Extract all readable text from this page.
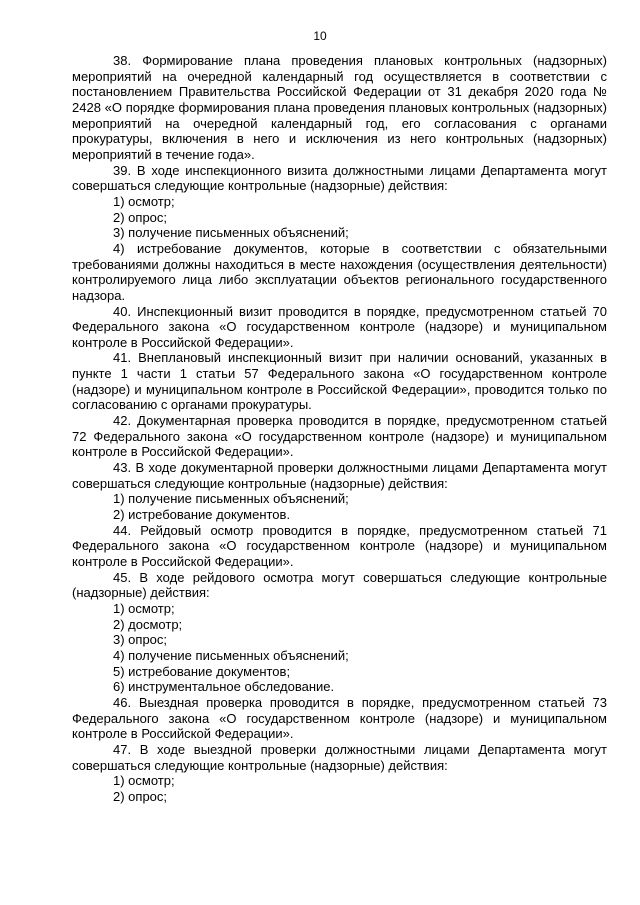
10

38. Формирование плана проведения плановых контрольных (надзорных) мероприятий на очередной календарный год осуществляется в соответствии с постановлением Правительства Российской Федерации от 31 декабря 2020 года № 2428 «О порядке формирования плана проведения плановых контрольных (надзорных) мероприятий на очередной календарный год, его согласования с органами прокуратуры, включения в него и исключения из него контрольных (надзорных) мероприятий в течение года».

39. В ходе инспекционного визита должностными лицами Департамента могут совершаться следующие контрольные (надзорные) действия:

1) осмотр;

2) опрос;

3) получение письменных объяснений;

4) истребование документов, которые в соответствии с обязательными требованиями должны находиться в месте нахождения (осуществления деятельности) контролируемого лица либо эксплуатации объектов регионального государственного надзора.

40. Инспекционный визит проводится в порядке, предусмотренном статьей 70 Федерального закона «О государственном контроле (надзоре) и муниципальном контроле в Российской Федерации».

41. Внеплановый инспекционный визит при наличии оснований, указанных в пункте 1 части 1 статьи 57 Федерального закона «О государственном контроле (надзоре) и муниципальном контроле в Российской Федерации», проводится только по согласованию с органами прокуратуры.

42. Документарная проверка проводится в порядке, предусмотренном статьей 72 Федерального закона «О государственном контроле (надзоре) и муниципальном контроле в Российской Федерации».

43. В ходе документарной проверки должностными лицами Департамента могут совершаться следующие контрольные (надзорные) действия:

1) получение письменных объяснений;

2) истребование документов.

44. Рейдовый осмотр проводится в порядке, предусмотренном статьей 71 Федерального закона «О государственном контроле (надзоре) и муниципальном контроле в Российской Федерации».

45. В ходе рейдового осмотра могут совершаться следующие контрольные (надзорные) действия:

1) осмотр;

2) досмотр;

3) опрос;

4) получение письменных объяснений;

5) истребование документов;

6) инструментальное обследование.

46. Выездная проверка проводится в порядке, предусмотренном статьей 73 Федерального закона «О государственном контроле (надзоре) и муниципальном контроле в Российской Федерации».

47. В ходе выездной проверки должностными лицами Департамента могут совершаться следующие контрольные (надзорные) действия:

1) осмотр;

2) опрос;
